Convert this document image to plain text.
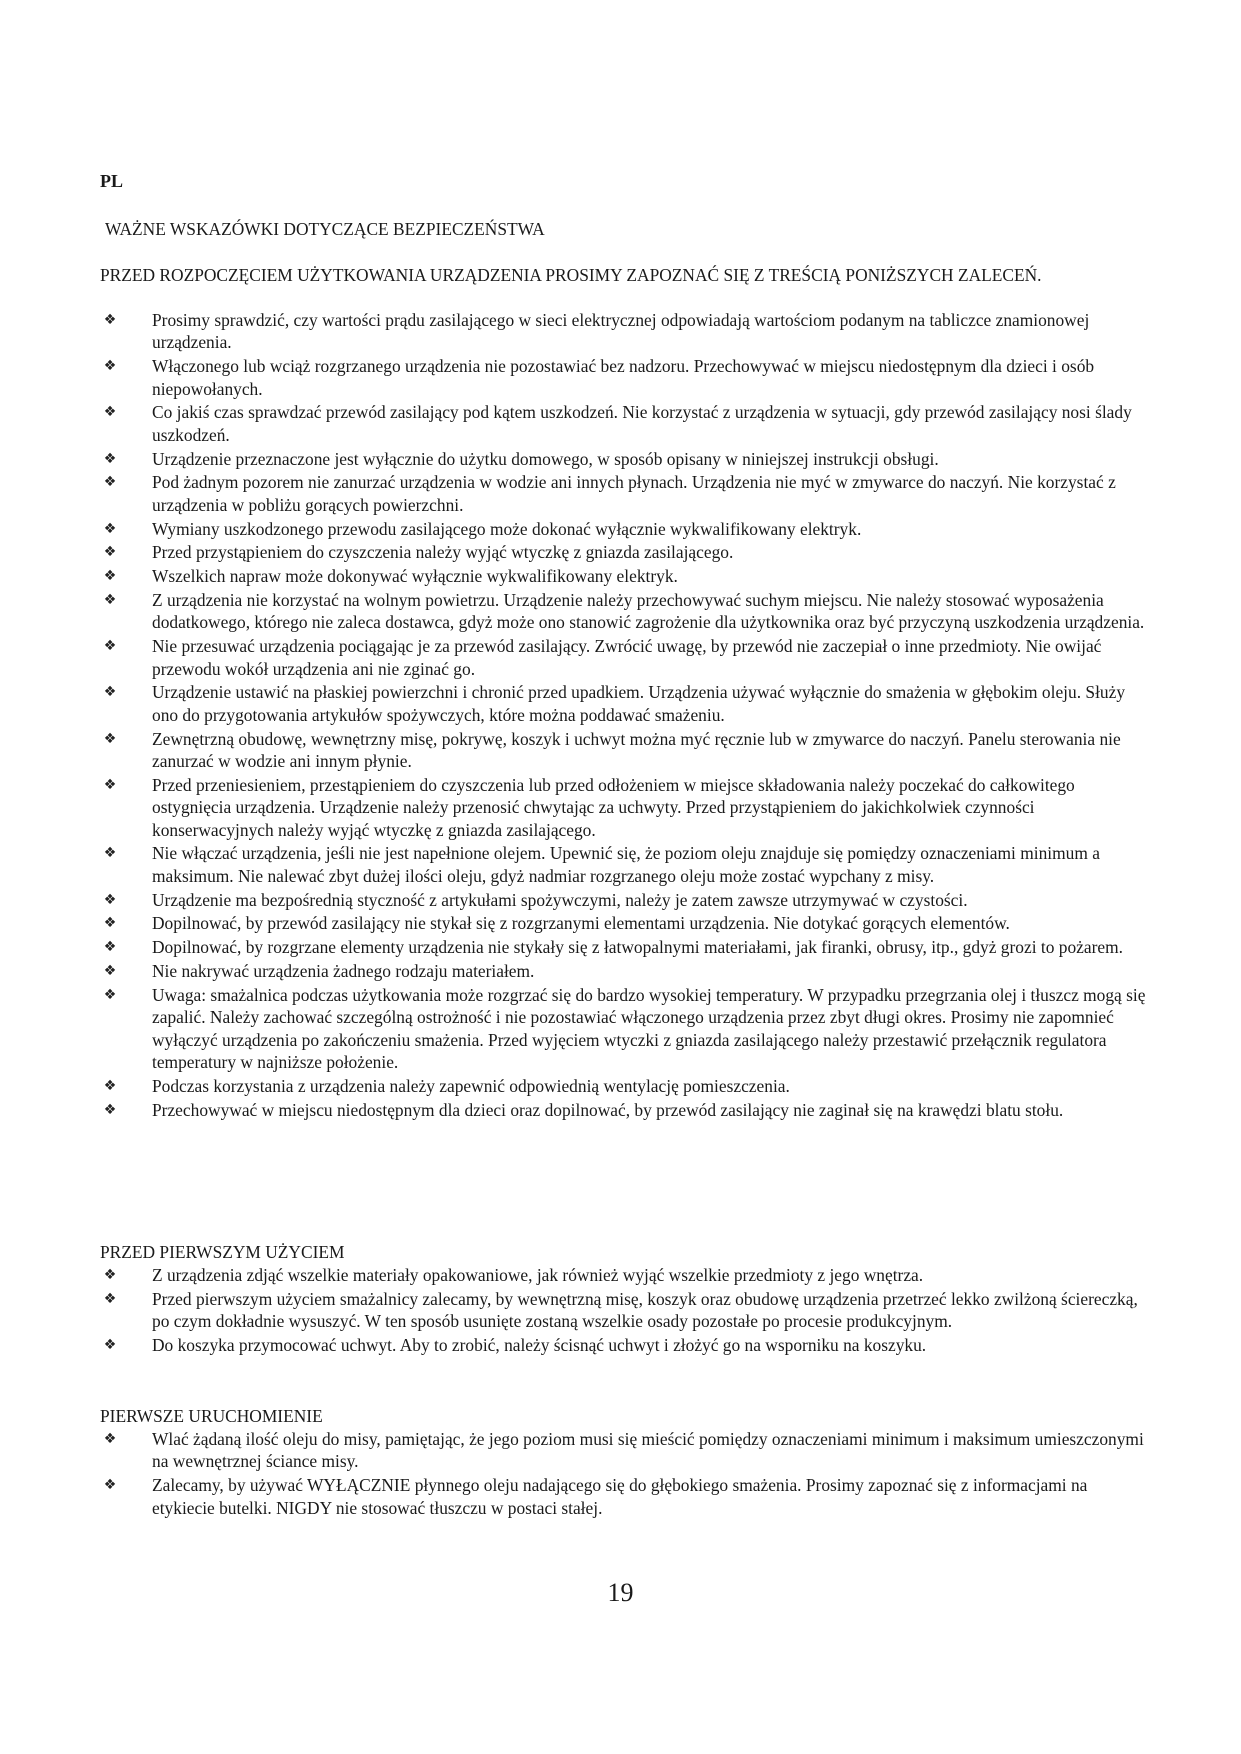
PL
WAŻNE WSKAZÓWKI DOTYCZĄCE BEZPIECZEŃSTWA
PRZED ROZPOCZĘCIEM UŻYTKOWANIA URZĄDZENIA PROSIMY ZAPOZNAĆ SIĘ Z TREŚCIĄ PONIŻSZYCH ZALECEŃ.
❖ Prosimy sprawdzić, czy wartości prądu zasilającego w sieci elektrycznej odpowiadają wartościom podanym na tabliczce znamionowej urządzenia.
❖ Włączonego lub wciąż rozgrzanego urządzenia nie pozostawiać bez nadzoru. Przechowywać w miejscu niedostępnym dla dzieci i osób niepowołanych.
❖ Co jakiś czas sprawdzać przewód zasilający pod kątem uszkodzeń. Nie korzystać z urządzenia w sytuacji, gdy przewód zasilający nosi ślady uszkodzeń.
❖ Urządzenie przeznaczone jest wyłącznie do użytku domowego, w sposób opisany w niniejszej instrukcji obsługi.
❖ Pod żadnym pozorem nie zanurzać urządzenia w wodzie ani innych płynach. Urządzenia nie myć w zmywarce do naczyń. Nie korzystać z urządzenia w pobliżu gorących powierzchni.
❖ Wymiany uszkodzonego przewodu zasilającego może dokonać wyłącznie wykwalifikowany elektryk.
❖ Przed przystąpieniem do czyszczenia należy wyjąć wtyczkę z gniazda zasilającego.
❖ Wszelkich napraw może dokonywać wyłącznie wykwalifikowany elektryk.
❖ Z urządzenia nie korzystać na wolnym powietrzu. Urządzenie należy przechowywać suchym miejscu. Nie należy stosować wyposażenia dodatkowego, którego nie zaleca dostawca, gdyż może ono stanowić zagrożenie dla użytkownika oraz być przyczyną uszkodzenia urządzenia.
❖ Nie przesuwać urządzenia pociągając je za przewód zasilający. Zwrócić uwagę, by przewód nie zaczepiał o inne przedmioty. Nie owijać przewodu wokół urządzenia ani nie zginać go.
❖ Urządzenie ustawić na płaskiej powierzchni i chronić przed upadkiem. Urządzenia używać wyłącznie do smażenia w głębokim oleju. Służy ono do przygotowania artykułów spożywczych, które można poddawać smażeniu.
❖ Zewnętrzną obudowę, wewnętrzny misę, pokrywę, koszyk i uchwyt można myć ręcznie lub w zmywarce do naczyń. Panelu sterowania nie zanurzać w wodzie ani innym płynie.
❖ Przed przeniesieniem, przestąpieniem do czyszczenia lub przed odłożeniem w miejsce składowania należy poczekać do całkowitego ostygnięcia urządzenia. Urządzenie należy przenosić chwytając za uchwyty. Przed przystąpieniem do jakichkolwiek czynności konserwacyjnych należy wyjąć wtyczkę z gniazda zasilającego.
❖ Nie włączać urządzenia, jeśli nie jest napełnione olejem. Upewnić się, że poziom oleju znajduje się pomiędzy oznaczeniami minimum a maksimum. Nie nalewać zbyt dużej ilości oleju, gdyż nadmiar rozgrzanego oleju może zostać wypchany z misy.
❖ Urządzenie ma bezpośrednią styczność z artykułami spożywczymi, należy je zatem zawsze utrzymywać w czystości.
❖ Dopilnować, by przewód zasilający nie stykał się z rozgrzanymi elementami urządzenia. Nie dotykać gorących elementów.
❖ Dopilnować, by rozgrzane elementy urządzenia nie stykały się z łatwopalnymi materiałami, jak firanki, obrusy, itp., gdyż grozi to pożarem.
❖ Nie nakrywać urządzenia żadnego rodzaju materiałem.
❖ Uwaga: smażalnica podczas użytkowania może rozgrzać się do bardzo wysokiej temperatury. W przypadku przegrzania olej i tłuszcz mogą się zapalić. Należy zachować szczególną ostrożność i nie pozostawiać włączonego urządzenia przez zbyt długi okres. Prosimy nie zapomnieć wyłączyć urządzenia po zakończeniu smażenia. Przed wyjęciem wtyczki z gniazda zasilającego należy przestawić przełącznik regulatora temperatury w najniższe położenie.
❖ Podczas korzystania z urządzenia należy zapewnić odpowiednią wentylację pomieszczenia.
❖ Przechowywać w miejscu niedostępnym dla dzieci oraz dopilnować, by przewód zasilający nie zaginał się na krawędzi blatu stołu.
PRZED PIERWSZYM UŻYCIEM
❖ Z urządzenia zdjąć wszelkie materiały opakowaniowe, jak również wyjąć wszelkie przedmioty z jego wnętrza.
❖ Przed pierwszym użyciem smażalnicy zalecamy, by wewnętrzną misę, koszyk oraz obudowę urządzenia przetrzeć lekko zwilżoną ściereczką, po czym dokładnie wysuszyć. W ten sposób usunięte zostaną wszelkie osady pozostałe po procesie produkcyjnym.
❖ Do koszyka przymocować uchwyt. Aby to zrobić, należy ścisnąć uchwyt i złożyć go na wsporniku na koszyku.
PIERWSZE URUCHOMIENIE
❖ Wlać żądaną ilość oleju do misy, pamiętając, że jego poziom musi się mieścić pomiędzy oznaczeniami minimum i maksimum umieszczonymi na wewnętrznej ściance misy.
❖ Zalecamy, by używać WYŁĄCZNIE płynnego oleju nadającego się do głębokiego smażenia. Prosimy zapoznać się z informacjami na etykiecie butelki. NIGDY nie stosować tłuszczu w postaci stałej.
19
